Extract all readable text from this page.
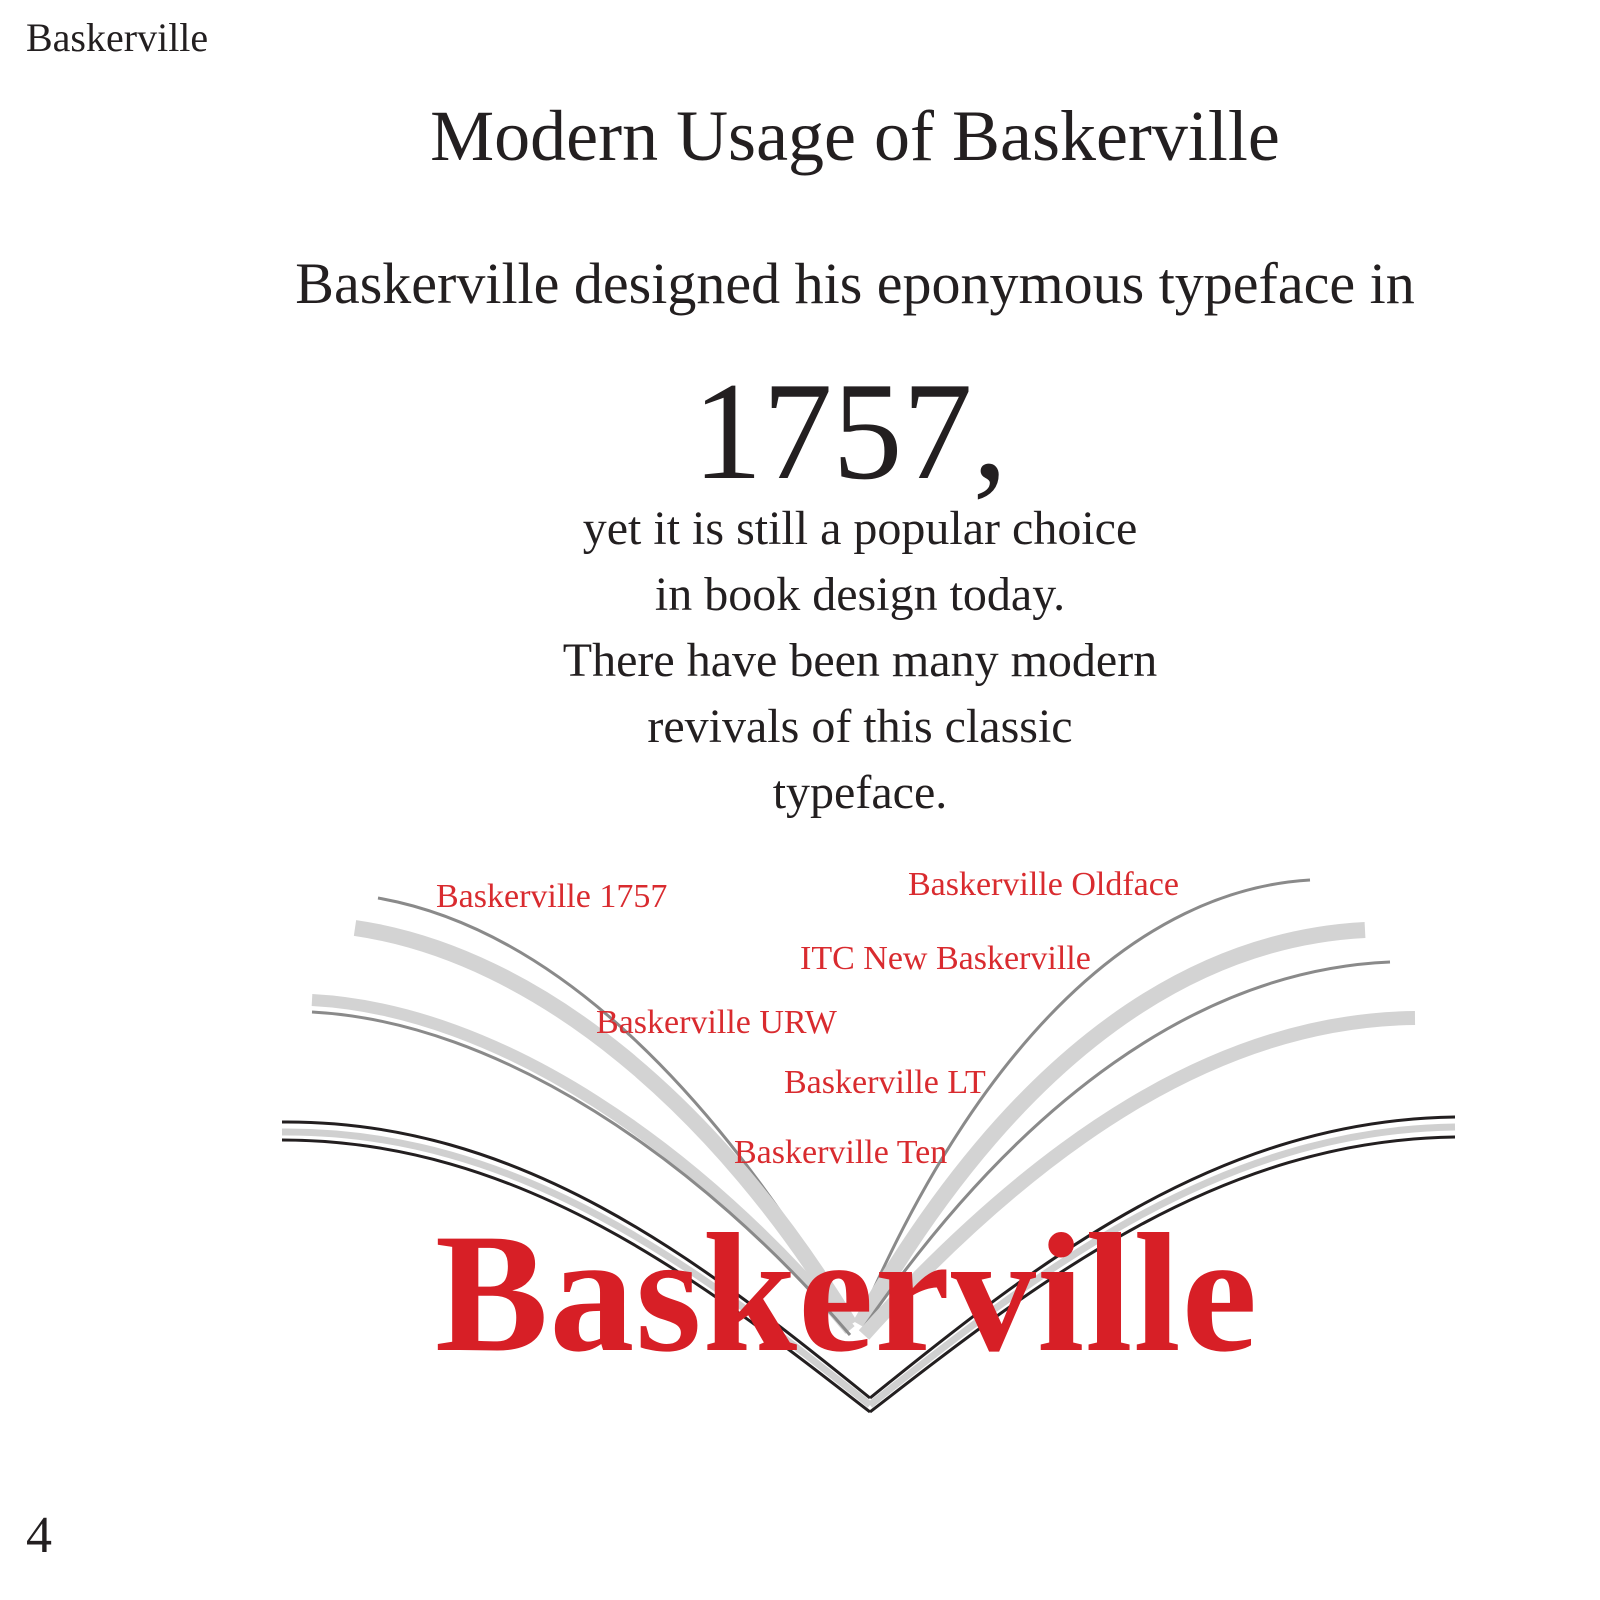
Baskerville
Modern Usage of Baskerville
Baskerville designed his eponymous typeface in
1757,
yet it is still a popular choice
in book design today.
There have been many modern
revivals of this classic
typeface.
Baskerville 1757	Baskerville Oldface
ITC New Baskerville
Baskerville URW
Baskerville LT
Baskerville Ten
Baskerville
4
